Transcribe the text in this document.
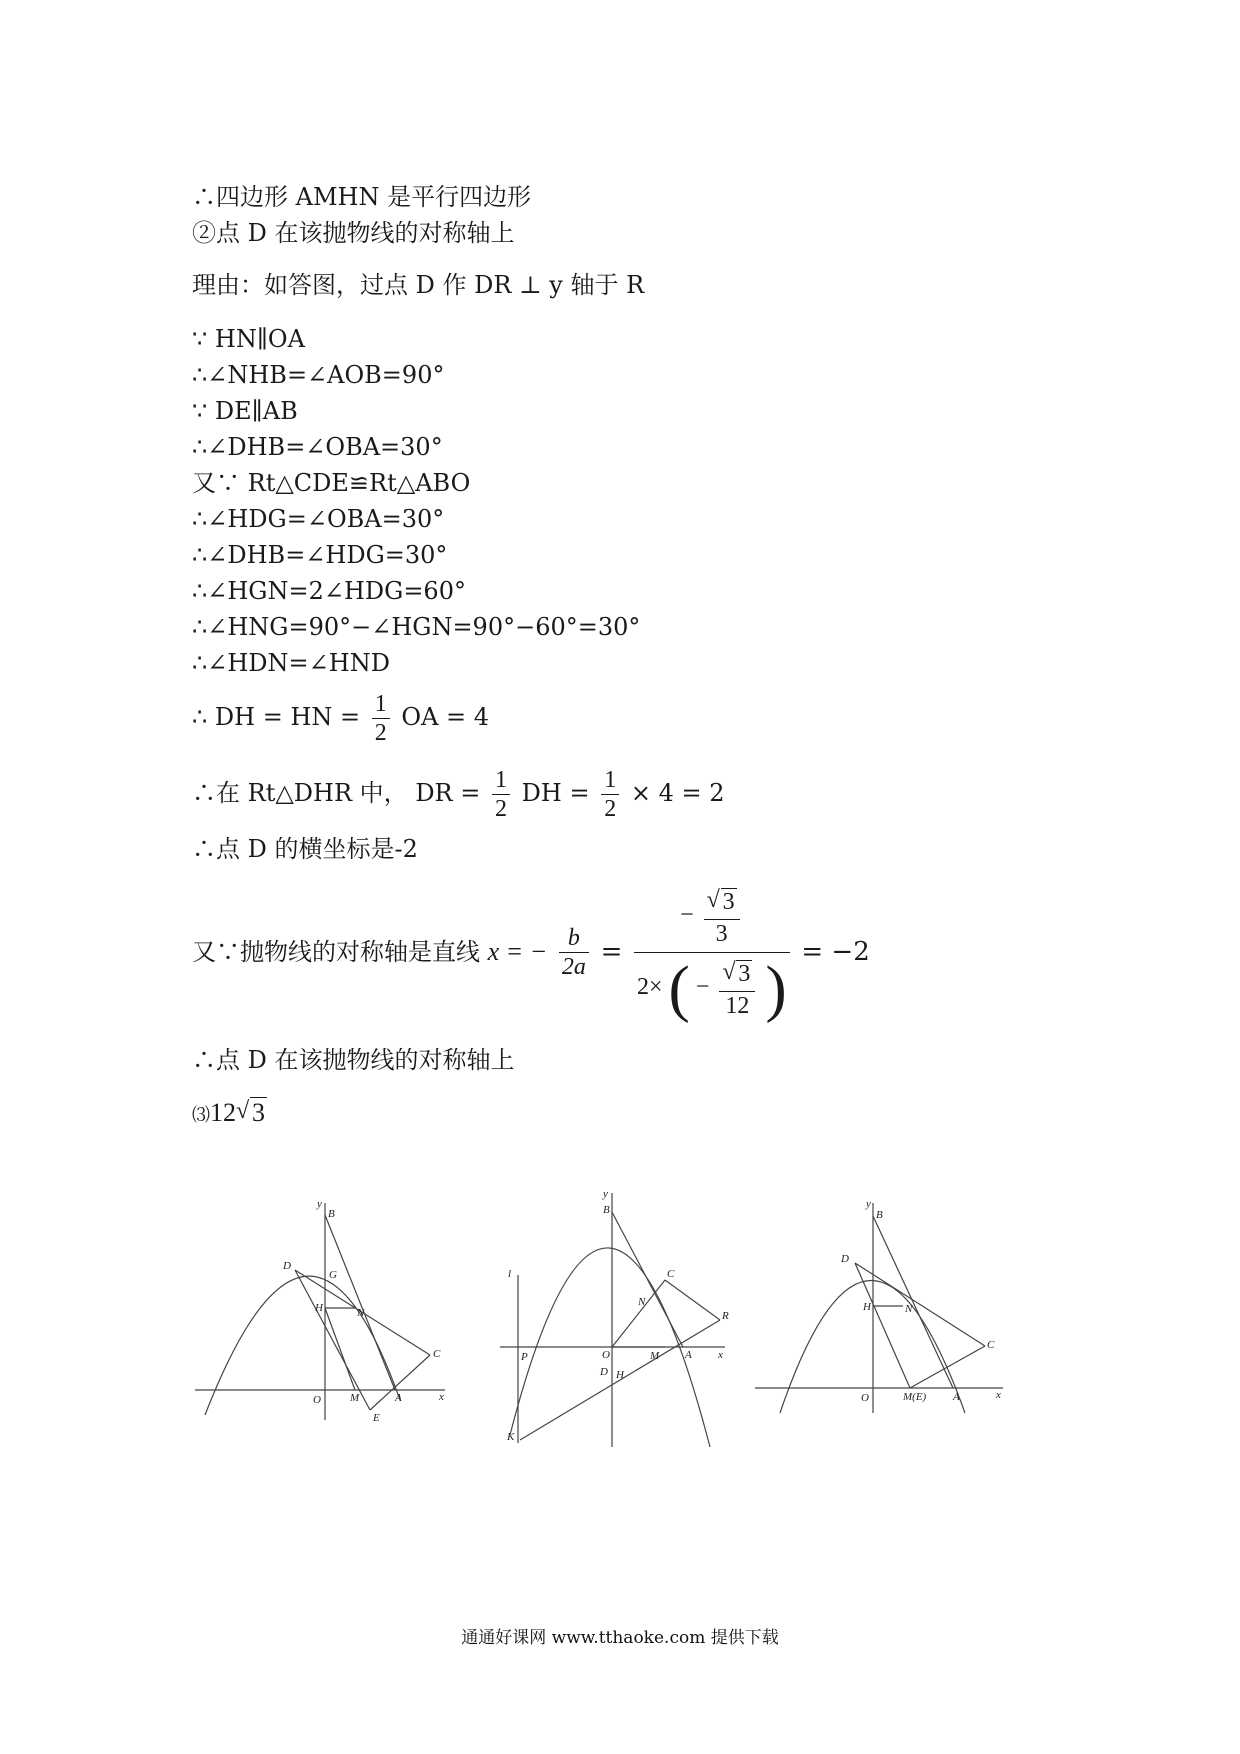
∴四边形 AMHN 是平行四边形
②点 D 在该抛物线的对称轴上
理由：如答图，过点 D 作 DR ⊥ y 轴于 R
∵ HN∥OA
∴∠NHB=∠AOB=90°
∵ DE∥AB
∴∠DHB=∠OBA=30°
又∵ Rt△CDE≌Rt△ABO
∴∠HDG=∠OBA=30°
∴∠DHB=∠HDG=30°
∴∠HGN=2∠HDG=60°
∴∠HNG=90°−∠HGN=90°−60°=30°
∴∠HDN=∠HND
∴ DH = HN = $\frac{1}{2}$ OA = 4
∴在 Rt△DHR 中， DR = $\frac{1}{2}$ DH = $\frac{1}{2} \times 4 = 2$
∴点 D 的横坐标是-2
又∵抛物线的对称轴是直线 x = − $\frac{b}{2a}$ =
− √ $\frac{3}{3}$
2× ( − √ $\frac{3}{12}$ ) = −2
∴点 D 在该抛物线的对称轴上
⑶12 √ 3
y
B
D
G
H	N
C
O	M	A	x
E
y
B
C
l
N
R
P	O	M A x
D H
K
y
B
D
H	N
C
O	M(E) A	x
通通好课网 www.tthaoke.com 提供下载
